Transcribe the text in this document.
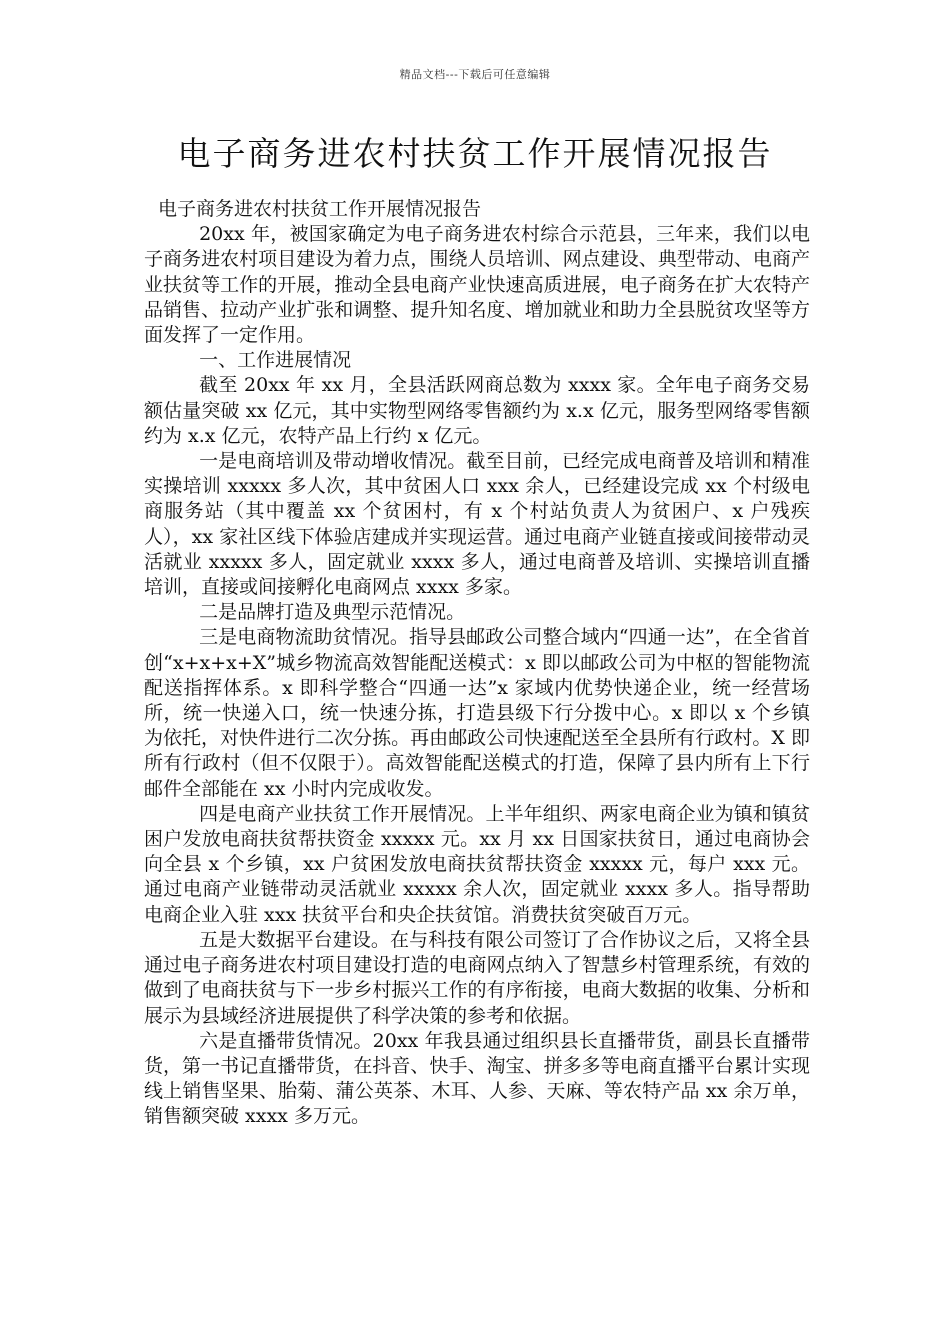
精品文档---下载后可任意编辑
电子商务进农村扶贫工作开展情况报告

电子商务进农村扶贫工作开展情况报告

20xx 年，被国家确定为电子商务进农村综合示范县，三年来，我们以电子商务进农村项目建设为着力点，围绕人员培训、网点建设、典型带动、电商产业扶贫等工作的开展，推动全县电商产业快速高质进展，电子商务在扩大农特产品销售、拉动产业扩张和调整、提升知名度、增加就业和助力全县脱贫攻坚等方面发挥了一定作用。

一、工作进展情况

截至 20xx 年 xx 月，全县活跃网商总数为 xxxx 家。全年电子商务交易额估量突破 xx 亿元，其中实物型网络零售额约为 x.x 亿元，服务型网络零售额约为 x.x 亿元，农特产品上行约 x 亿元。

一是电商培训及带动增收情况。截至目前，已经完成电商普及培训和精准实操培训 xxxxx 多人次，其中贫困人口 xxx 余人，已经建设完成 xx 个村级电商服务站（其中覆盖 xx 个贫困村，有 x 个村站负责人为贫困户、x 户残疾人），xx 家社区线下体验店建成并实现运营。通过电商产业链直接或间接带动灵活就业 xxxxx 多人，固定就业 xxxx 多人，通过电商普及培训、实操培训直播培训，直接或间接孵化电商网点 xxxx 多家。

二是品牌打造及典型示范情况。

三是电商物流助贫情况。指导县邮政公司整合域内“四通一达”，在全省首创“x+x+x+X”城乡物流高效智能配送模式：x 即以邮政公司为中枢的智能物流配送指挥体系。x 即科学整合“四通一达”x 家域内优势快递企业，统一经营场所，统一快递入口，统一快速分拣，打造县级下行分拨中心。x 即以 x 个乡镇为依托，对快件进行二次分拣。再由邮政公司快速配送至全县所有行政村。X 即所有行政村（但不仅限于）。高效智能配送模式的打造，保障了县内所有上下行邮件全部能在 xx 小时内完成收发。

四是电商产业扶贫工作开展情况。上半年组织、两家电商企业为镇和镇贫困户发放电商扶贫帮扶资金 xxxxx 元。xx 月 xx 日国家扶贫日，通过电商协会向全县 x 个乡镇，xx 户贫困发放电商扶贫帮扶资金 xxxxx 元，每户 xxx 元。通过电商产业链带动灵活就业 xxxxx 余人次，固定就业 xxxx 多人。指导帮助电商企业入驻 xxx 扶贫平台和央企扶贫馆。消费扶贫突破百万元。

五是大数据平台建设。在与科技有限公司签订了合作协议之后，又将全县通过电子商务进农村项目建设打造的电商网点纳入了智慧乡村管理系统，有效的做到了电商扶贫与下一步乡村振兴工作的有序衔接，电商大数据的收集、分析和展示为县域经济进展提供了科学决策的参考和依据。

六是直播带货情况。20xx 年我县通过组织县长直播带货，副县长直播带货，第一书记直播带货，在抖音、快手、淘宝、拼多多等电商直播平台累计实现线上销售坚果、胎菊、蒲公英茶、木耳、人参、天麻、等农特产品 xx 余万单，销售额突破 xxxx 多万元。
